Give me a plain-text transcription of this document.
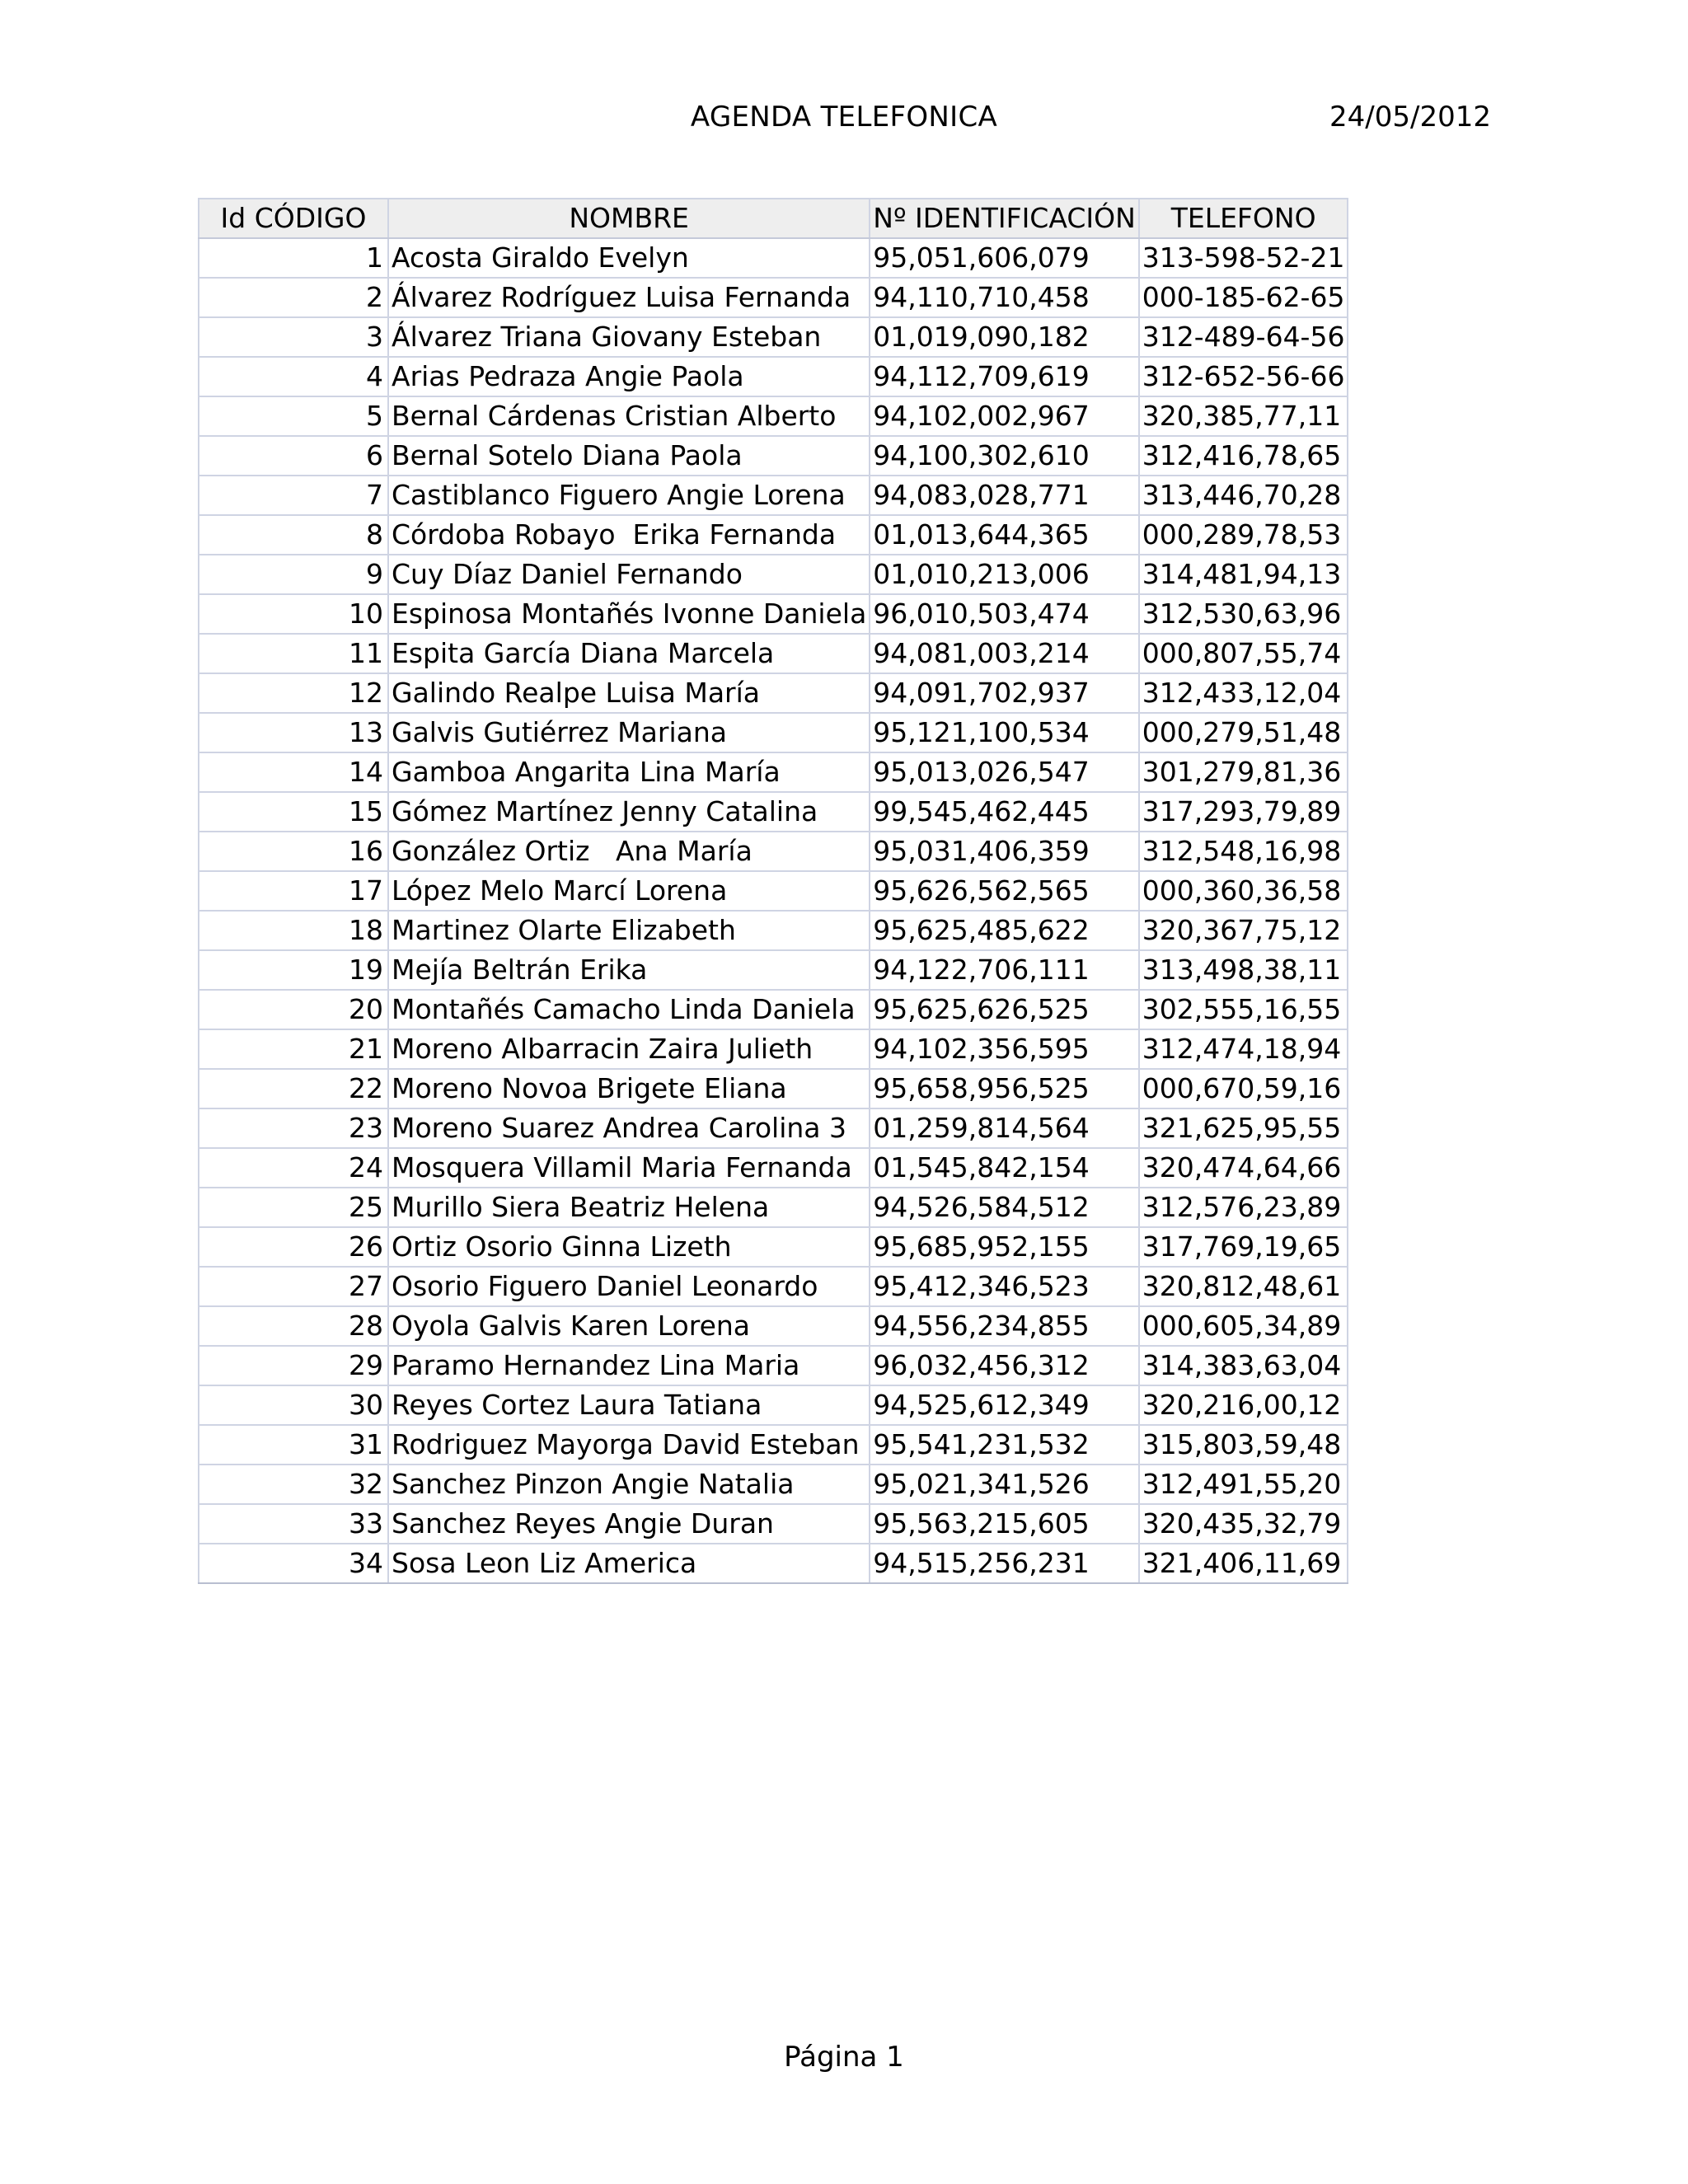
AGENDA TELEFONICA	24/05/2012
Id CÓDIGO	NOMBRE	Nº IDENTIFICACIÓN	TELEFONO
1	Acosta Giraldo Evelyn	95,051,606,079	313-598-52-21
2	Álvarez Rodríguez Luisa Fernanda	94,110,710,458	000-185-62-65
3	Álvarez Triana Giovany Esteban	01,019,090,182	312-489-64-56
4	Arias Pedraza Angie Paola	94,112,709,619	312-652-56-66
5	Bernal Cárdenas Cristian Alberto	94,102,002,967	320,385,77,11
6	Bernal Sotelo Diana Paola	94,100,302,610	312,416,78,65
7	Castiblanco Figuero Angie Lorena	94,083,028,771	313,446,70,28
8	Córdoba Robayo  Erika Fernanda	01,013,644,365	000,289,78,53
9	Cuy Díaz Daniel Fernando	01,010,213,006	314,481,94,13
10	Espinosa Montañés Ivonne Daniela	96,010,503,474	312,530,63,96
11	Espita García Diana Marcela	94,081,003,214	000,807,55,74
12	Galindo Realpe Luisa María	94,091,702,937	312,433,12,04
13	Galvis Gutiérrez Mariana	95,121,100,534	000,279,51,48
14	Gamboa Angarita Lina María	95,013,026,547	301,279,81,36
15	Gómez Martínez Jenny Catalina	99,545,462,445	317,293,79,89
16	González Ortiz   Ana María	95,031,406,359	312,548,16,98
17	López Melo Marcí Lorena	95,626,562,565	000,360,36,58
18	Martinez Olarte Elizabeth	95,625,485,622	320,367,75,12
19	Mejía Beltrán Erika	94,122,706,111	313,498,38,11
20	Montañés Camacho Linda Daniela	95,625,626,525	302,555,16,55
21	Moreno Albarracin Zaira Julieth	94,102,356,595	312,474,18,94
22	Moreno Novoa Brigete Eliana	95,658,956,525	000,670,59,16
23	Moreno Suarez Andrea Carolina 3	01,259,814,564	321,625,95,55
24	Mosquera Villamil Maria Fernanda	01,545,842,154	320,474,64,66
25	Murillo Siera Beatriz Helena	94,526,584,512	312,576,23,89
26	Ortiz Osorio Ginna Lizeth	95,685,952,155	317,769,19,65
27	Osorio Figuero Daniel Leonardo	95,412,346,523	320,812,48,61
28	Oyola Galvis Karen Lorena	94,556,234,855	000,605,34,89
29	Paramo Hernandez Lina Maria	96,032,456,312	314,383,63,04
30	Reyes Cortez Laura Tatiana	94,525,612,349	320,216,00,12
31	Rodriguez Mayorga David Esteban	95,541,231,532	315,803,59,48
32	Sanchez Pinzon Angie Natalia	95,021,341,526	312,491,55,20
33	Sanchez Reyes Angie Duran	95,563,215,605	320,435,32,79
34	Sosa Leon Liz America	94,515,256,231	321,406,11,69
Página 1
